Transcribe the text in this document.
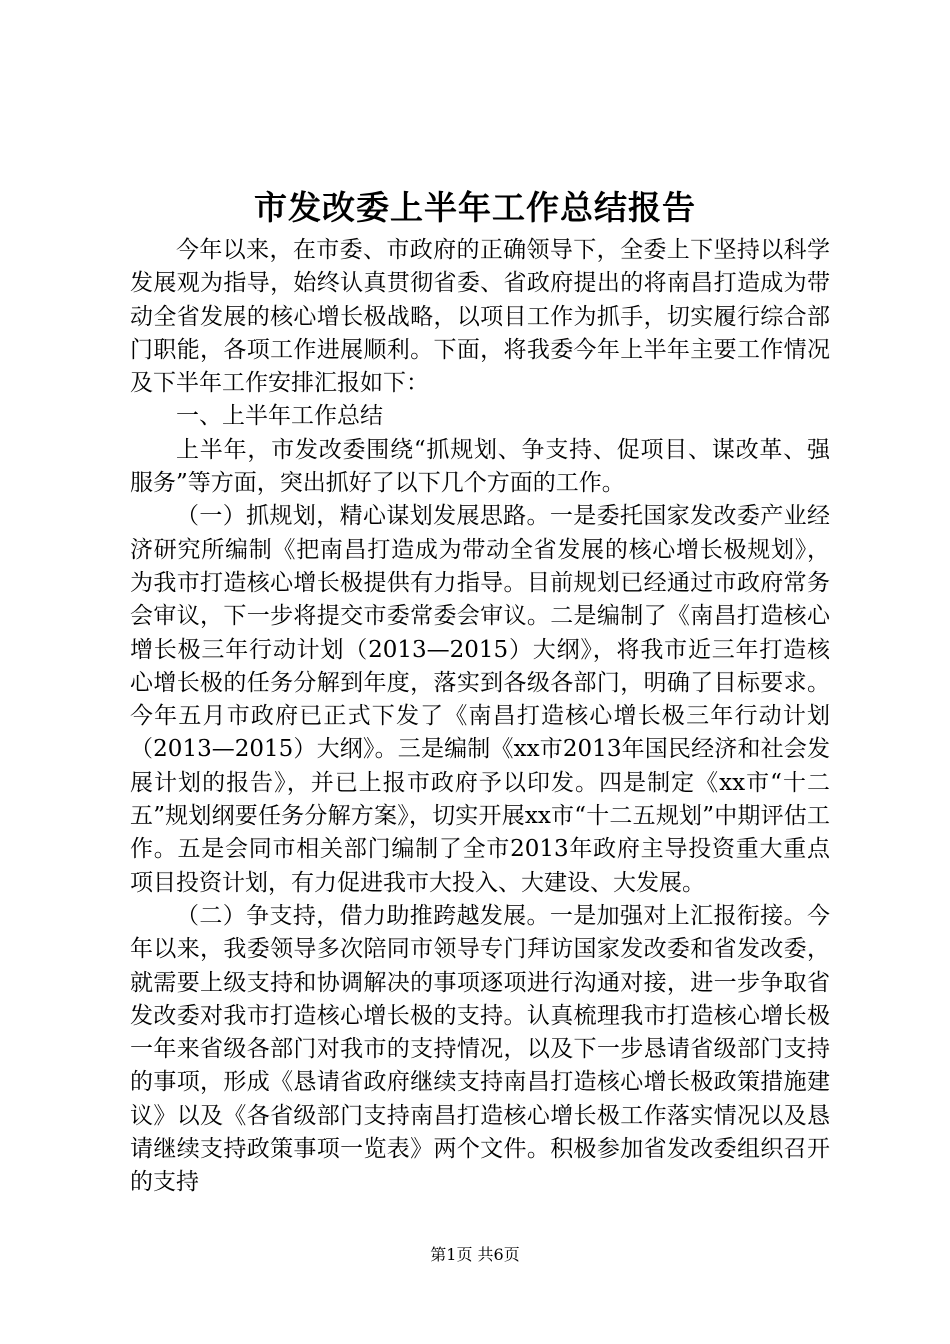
市发改委上半年工作总结报告

今年以来，在市委、市政府的正确领导下，全委上下坚持以科学发展观为指导，始终认真贯彻省委、省政府提出的将南昌打造成为带动全省发展的核心增长极战略，以项目工作为抓手，切实履行综合部门职能，各项工作进展顺利。下面，将我委今年上半年主要工作情况及下半年工作安排汇报如下：

一、上半年工作总结

上半年，市发改委围绕“抓规划、争支持、促项目、谋改革、强服务”等方面，突出抓好了以下几个方面的工作。

（一）抓规划，精心谋划发展思路。一是委托国家发改委产业经济研究所编制《把南昌打造成为带动全省发展的核心增长极规划》，为我市打造核心增长极提供有力指导。目前规划已经通过市政府常务会审议，下一步将提交市委常委会审议。二是编制了《南昌打造核心增长极三年行动计划（2013—2015）大纲》，将我市近三年打造核心增长极的任务分解到年度，落实到各级各部门，明确了目标要求。今年五月市政府已正式下发了《南昌打造核心增长极三年行动计划（2013—2015）大纲》。三是编制《xx市2013年国民经济和社会发展计划的报告》，并已上报市政府予以印发。四是制定《xx市“十二五”规划纲要任务分解方案》，切实开展xx市“十二五规划”中期评估工作。五是会同市相关部门编制了全市2013年政府主导投资重大重点项目投资计划，有力促进我市大投入、大建设、大发展。

（二）争支持，借力助推跨越发展。一是加强对上汇报衔接。今年以来，我委领导多次陪同市领导专门拜访国家发改委和省发改委，就需要上级支持和协调解决的事项逐项进行沟通对接，进一步争取省发改委对我市打造核心增长极的支持。认真梳理我市打造核心增长极一年来省级各部门对我市的支持情况，以及下一步恳请省级部门支持的事项，形成《恳请省政府继续支持南昌打造核心增长极政策措施建议》以及《各省级部门支持南昌打造核心增长极工作落实情况以及恳请继续支持政策事项一览表》两个文件。积极参加省发改委组织召开的支持

第1页 共6页
